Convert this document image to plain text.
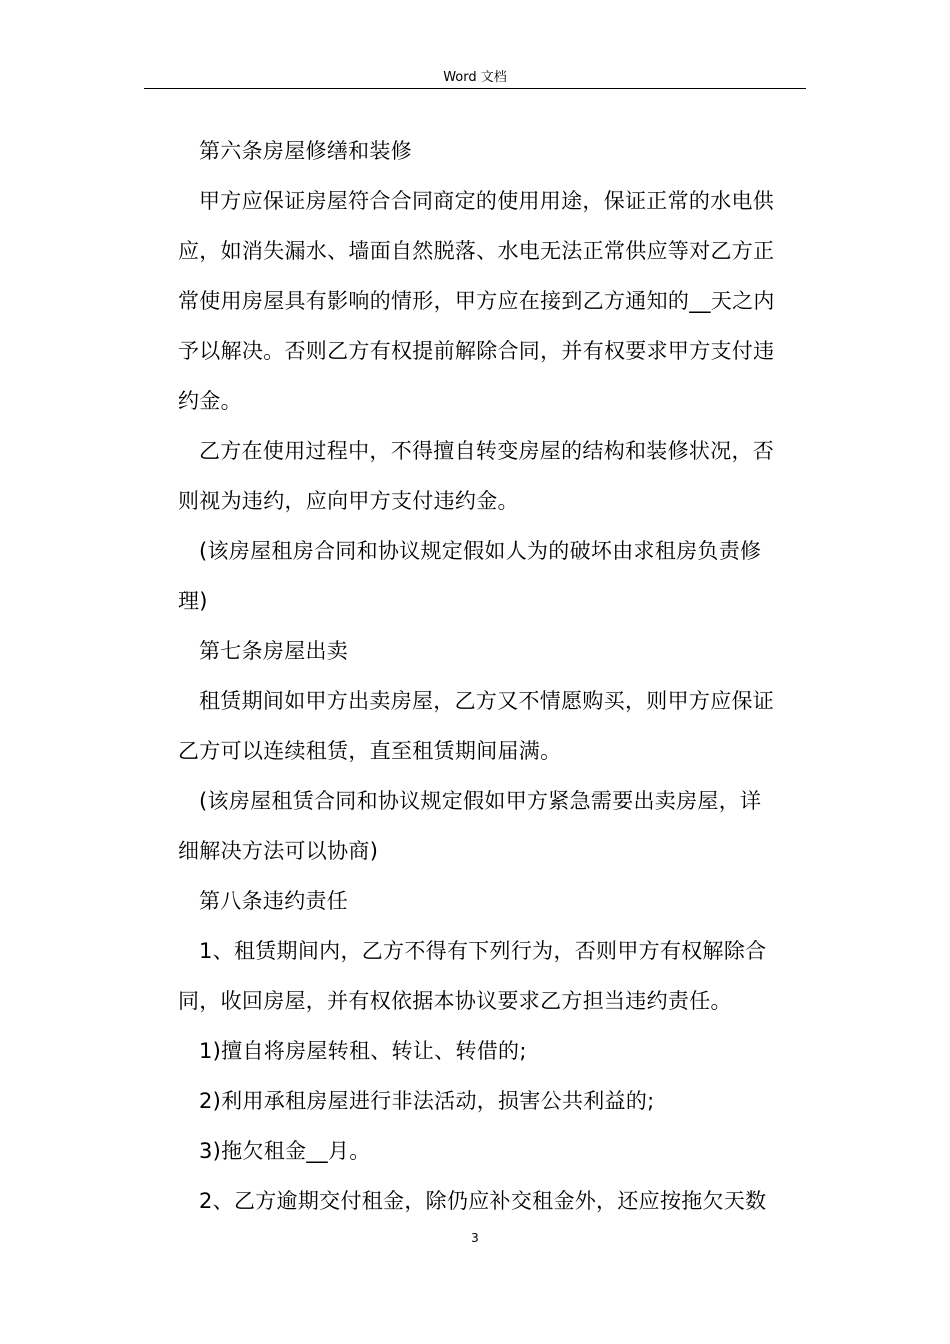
Word 文档
第六条房屋修缮和装修
甲方应保证房屋符合合同商定的使用用途，保证正常的水电供
应，如消失漏水、墙面自然脱落、水电无法正常供应等对乙方正
常使用房屋具有影响的情形，甲方应在接到乙方通知的__天之内
予以解决。否则乙方有权提前解除合同，并有权要求甲方支付违
约金。
乙方在使用过程中，不得擅自转变房屋的结构和装修状况，否
则视为违约，应向甲方支付违约金。
(该房屋租房合同和协议规定假如人为的破坏由求租房负责修
理)
第七条房屋出卖
租赁期间如甲方出卖房屋，乙方又不情愿购买，则甲方应保证
乙方可以连续租赁，直至租赁期间届满。
(该房屋租赁合同和协议规定假如甲方紧急需要出卖房屋，详
细解决方法可以协商)
第八条违约责任
1、租赁期间内，乙方不得有下列行为，否则甲方有权解除合
同，收回房屋，并有权依据本协议要求乙方担当违约责任。
1)擅自将房屋转租、转让、转借的;
2)利用承租房屋进行非法活动，损害公共利益的;
3)拖欠租金__月。
2、乙方逾期交付租金，除仍应补交租金外，还应按拖欠天数
3
